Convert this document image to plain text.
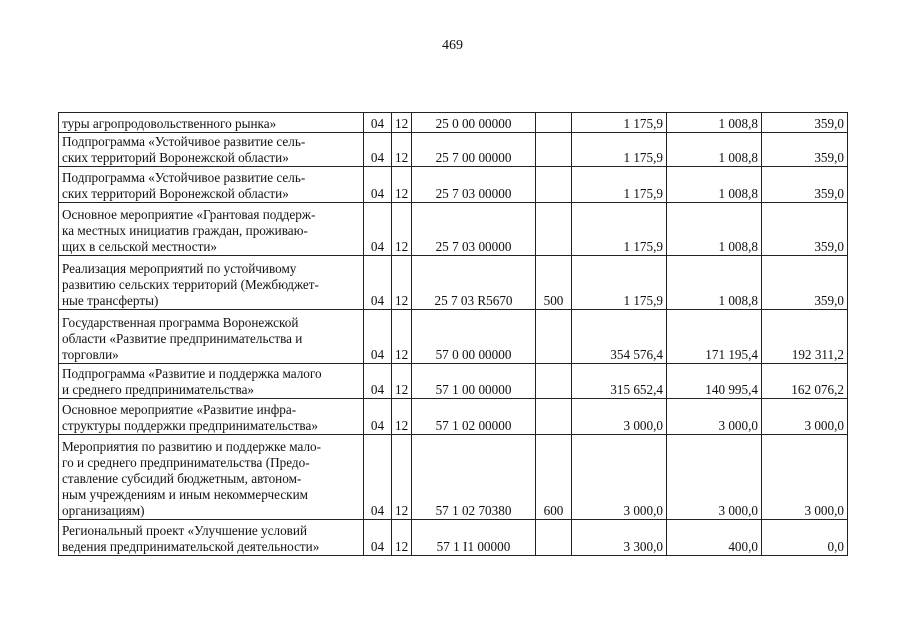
469
туры агропродовольственного рынка»	04	12	25 0 00 00000		1 175,9	1 008,8	359,0
Подпрограмма «Устойчивое развитие сель-
ских территорий Воронежской области»	04	12	25 7 00 00000		1 175,9	1 008,8	359,0
Подпрограмма «Устойчивое развитие сель-
ских территорий Воронежской области»	04	12	25 7 03 00000		1 175,9	1 008,8	359,0
Основное мероприятие «Грантовая поддерж-
ка местных инициатив граждан, проживаю-
щих в сельской местности»	04	12	25 7 03 00000		1 175,9	1 008,8	359,0
Реализация мероприятий по устойчивому
развитию сельских территорий (Межбюджет-
ные трансферты)	04	12	25 7 03 R5670	500	1 175,9	1 008,8	359,0
Государственная программа Воронежской
области «Развитие предпринимательства и
торговли»	04	12	57 0 00 00000		354 576,4	171 195,4	192 311,2
Подпрограмма «Развитие и поддержка малого
и среднего предпринимательства»	04	12	57 1 00 00000		315 652,4	140 995,4	162 076,2
Основное мероприятие «Развитие инфра-
структуры поддержки предпринимательства»	04	12	57 1 02 00000		3 000,0	3 000,0	3 000,0
Мероприятия по развитию и поддержке мало-
го и среднего предпринимательства (Предо-
ставление субсидий бюджетным, автоном-
ным учреждениям и иным некоммерческим
организациям)	04	12	57 1 02 70380	600	3 000,0	3 000,0	3 000,0
Региональный проект «Улучшение условий
ведения предпринимательской деятельности»	04	12	57 1 I1 00000		3 300,0	400,0	0,0
